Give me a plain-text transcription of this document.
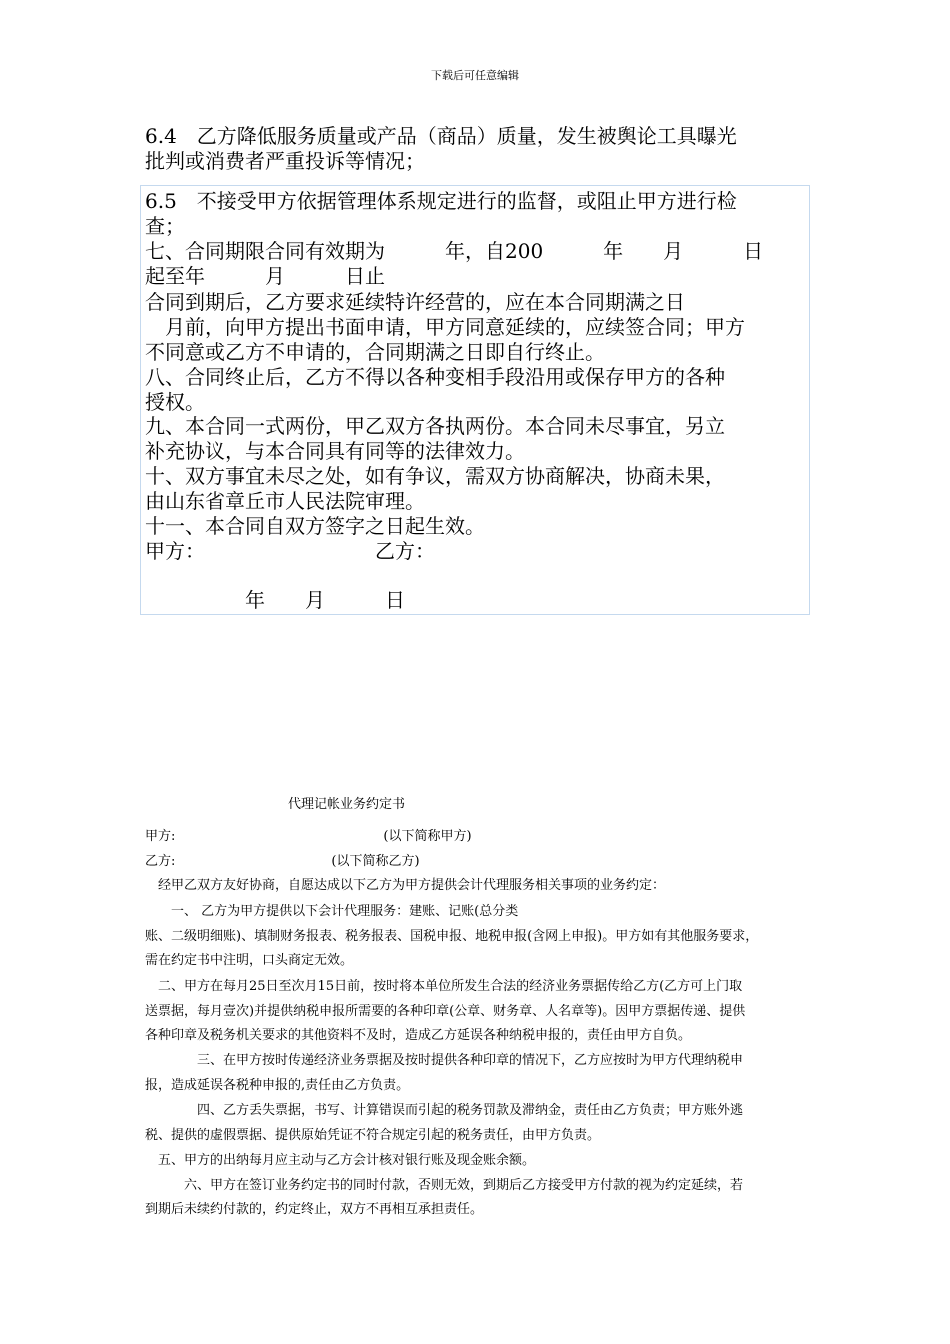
下载后可任意编辑
6.4　乙方降低服务质量或产品（商品）质量，发生被舆论工具曝光
批判或消费者严重投诉等情况；
6.5　不接受甲方依据管理体系规定进行的监督，或阻止甲方进行检
查；
七、合同期限合同有效期为　　　年，自200　　　年　　月　　　日
起至年　　　月　　　日止
合同到期后，乙方要求延续特许经营的，应在本合同期满之日
　月前，向甲方提出书面申请，甲方同意延续的，应续签合同；甲方
不同意或乙方不申请的，合同期满之日即自行终止。
八、合同终止后，乙方不得以各种变相手段沿用或保存甲方的各种
授权。
九、本合同一式两份，甲乙双方各执两份。本合同未尽事宜，另立
补充协议，与本合同具有同等的法律效力。
十、双方事宜未尽之处，如有争议，需双方协商解决，协商未果，
由山东省章丘市人民法院审理。
十一、本合同自双方签字之日起生效。
甲方：　　　　　　　　　乙方：
　　　　　年　　月　　　日
代理记帐业务约定书
甲方:　　　　　　　　　　　　　　　　(以下简称甲方)
乙方:　　　　　　　　　　　　(以下简称乙方)
　经甲乙双方友好协商，自愿达成以下乙方为甲方提供会计代理服务相关事项的业务约定：
　　一、 乙方为甲方提供以下会计代理服务：建账、记账(总分类
账、二级明细账)、填制财务报表、税务报表、国税申报、地税申报(含网上申报)。甲方如有其他服务要求，
需在约定书中注明，口头商定无效。
　二、甲方在每月25日至次月15日前，按时将本单位所发生合法的经济业务票据传给乙方(乙方可上门取
送票据，每月壹次)并提供纳税申报所需要的各种印章(公章、财务章、人名章等)。因甲方票据传递、提供
各种印章及税务机关要求的其他资料不及时，造成乙方延误各种纳税申报的，责任由甲方自负。
　　　　三、在甲方按时传递经济业务票据及按时提供各种印章的情况下，乙方应按时为甲方代理纳税申
报，造成延误各税种申报的,责任由乙方负责。
　　　　四、乙方丢失票据，书写、计算错误而引起的税务罚款及滞纳金，责任由乙方负责；甲方账外逃
税、提供的虚假票据、提供原始凭证不符合规定引起的税务责任，由甲方负责。
　五、甲方的出纳每月应主动与乙方会计核对银行账及现金账余额。
　　　六、甲方在签订业务约定书的同时付款，否则无效，到期后乙方接受甲方付款的视为约定延续，若
到期后未续约付款的，约定终止，双方不再相互承担责任。
